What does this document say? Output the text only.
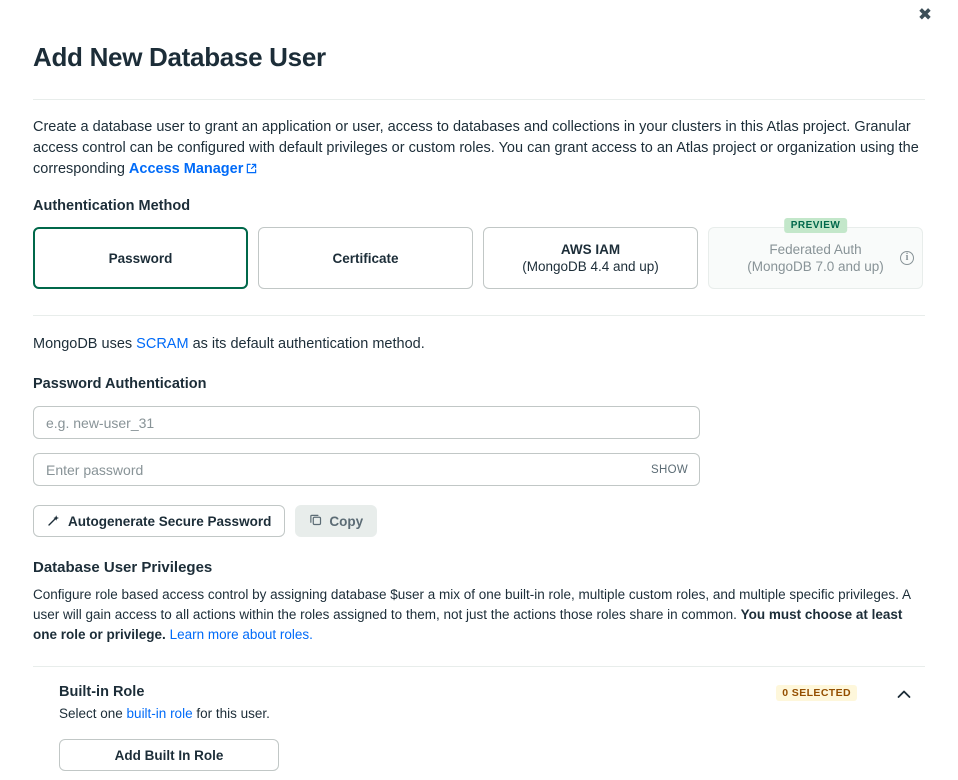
✖
Add New Database User

Create a database user to grant an application or user, access to databases and collections in your clusters in this Atlas project. Granular access control can be configured with default privileges or custom roles. You can grant access to an Atlas project or organization using the corresponding Access Manager

Authentication Method
Password	Certificate
AWS IAM
(MongoDB 4.4 and up)
PREVIEW
Federated Auth
(MongoDB 7.0 and up)
i
MongoDB uses SCRAM as its default authentication method.
Password Authentication
e.g. new-user_31
Enter password
SHOW
Autogenerate Secure Password	Copy
Database User Privileges

Configure role based access control by assigning database $user a mix of one built-in role, multiple custom roles, and multiple specific privileges. A user will gain access to all actions within the roles assigned to them, not just the actions those roles share in common. You must choose at least one role or privilege. Learn more about roles.

Built-in Role
Select one built-in role for this user.
0 SELECTED
Add Built In Role
